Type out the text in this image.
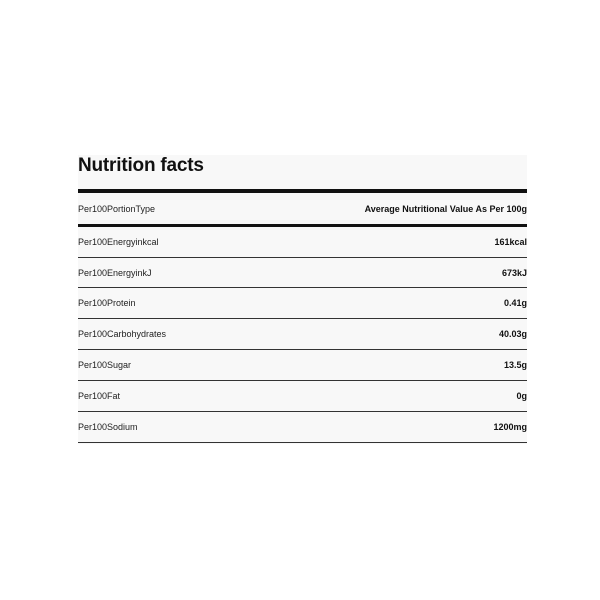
Nutrition facts
Per100PortionType	Average Nutritional Value As Per 100g
Per100Energyinkcal	161kcal
Per100EnergyinkJ	673kJ
Per100Protein	0.41g
Per100Carbohydrates	40.03g
Per100Sugar	13.5g
Per100Fat	0g
Per100Sodium	1200mg
